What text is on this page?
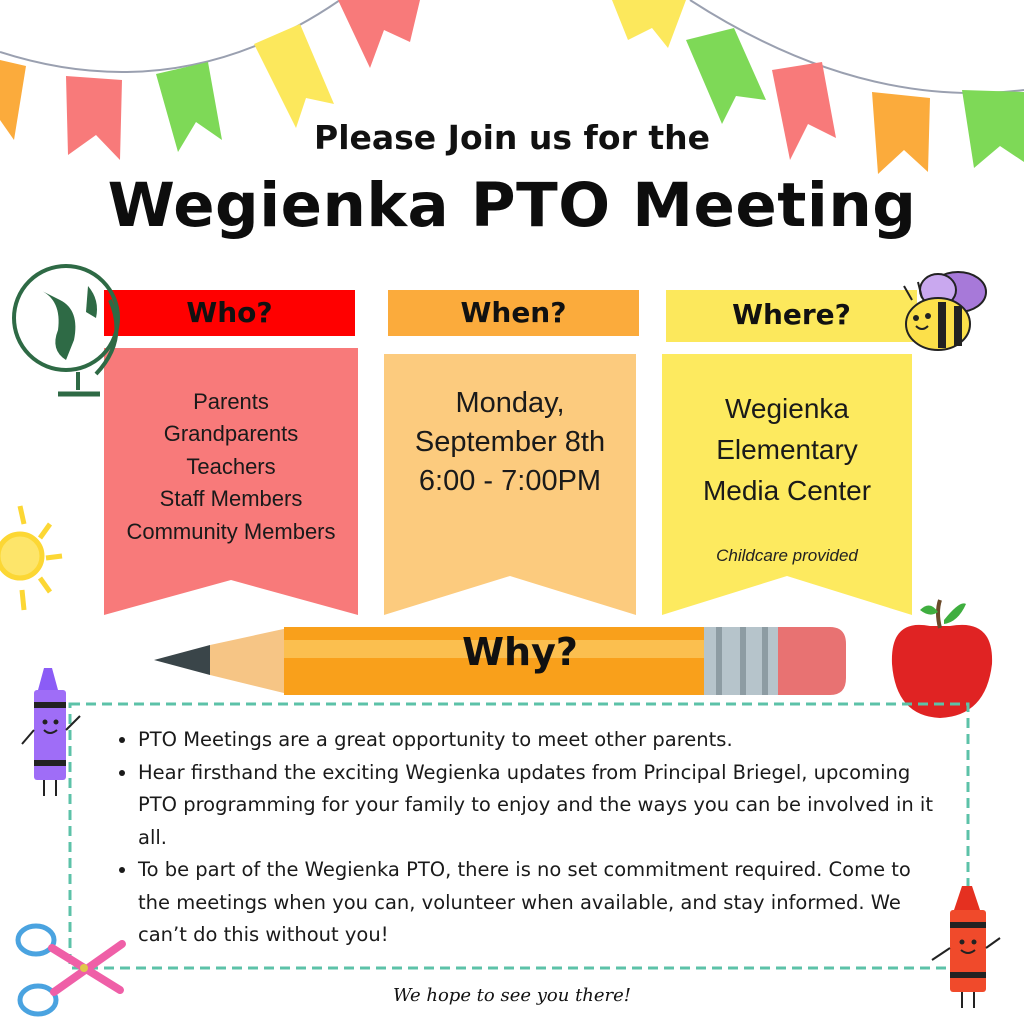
Please Join us for the
Wegienka PTO Meeting
Who?	When?	Where?
Parents
Grandparents
Teachers
Staff Members
Community Members
Monday,
September 8th
6:00 - 7:00PM
Wegienka
Elementary
Media Center
Childcare provided
Why?
• PTO Meetings are a great opportunity to meet other parents.
• Hear firsthand the exciting Wegienka updates from Principal Briegel, upcoming PTO programming for your family to enjoy and the ways you can be involved in it all.
• To be part of the Wegienka PTO, there is no set commitment required. Come to the meetings when you can, volunteer when available, and stay informed. We can’t do this without you!
We hope to see you there!
